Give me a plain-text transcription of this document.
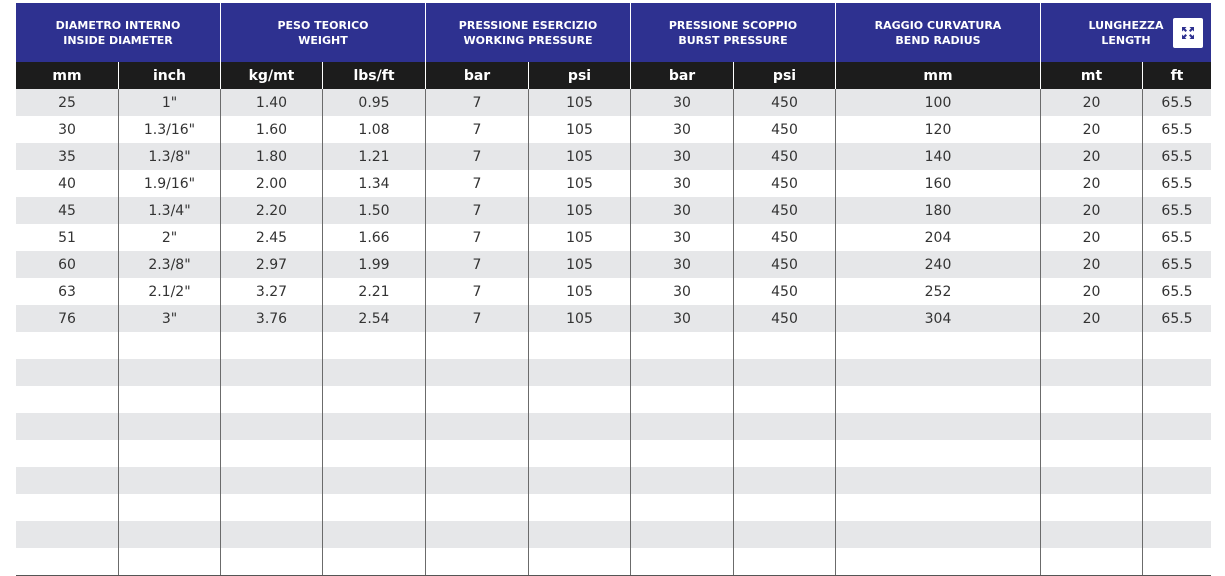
DIAMETRO INTERNO
INSIDE DIAMETER
PESO TEORICO
WEIGHT
PRESSIONE ESERCIZIO
WORKING PRESSURE
PRESSIONE SCOPPIO
BURST PRESSURE
RAGGIO CURVATURA
BEND RADIUS
LUNGHEZZA
LENGTH
mm	inch	kg/mt	lbs/ft	bar	psi	bar	psi	mm	mt	ft
25	1"	1.40	0.95	7	105	30	450	100	20	65.5
30	1.3/16"	1.60	1.08	7	105	30	450	120	20	65.5
35	1.3/8"	1.80	1.21	7	105	30	450	140	20	65.5
40	1.9/16"	2.00	1.34	7	105	30	450	160	20	65.5
45	1.3/4"	2.20	1.50	7	105	30	450	180	20	65.5
51	2"	2.45	1.66	7	105	30	450	204	20	65.5
60	2.3/8"	2.97	1.99	7	105	30	450	240	20	65.5
63	2.1/2"	3.27	2.21	7	105	30	450	252	20	65.5
76	3"	3.76	2.54	7	105	30	450	304	20	65.5
